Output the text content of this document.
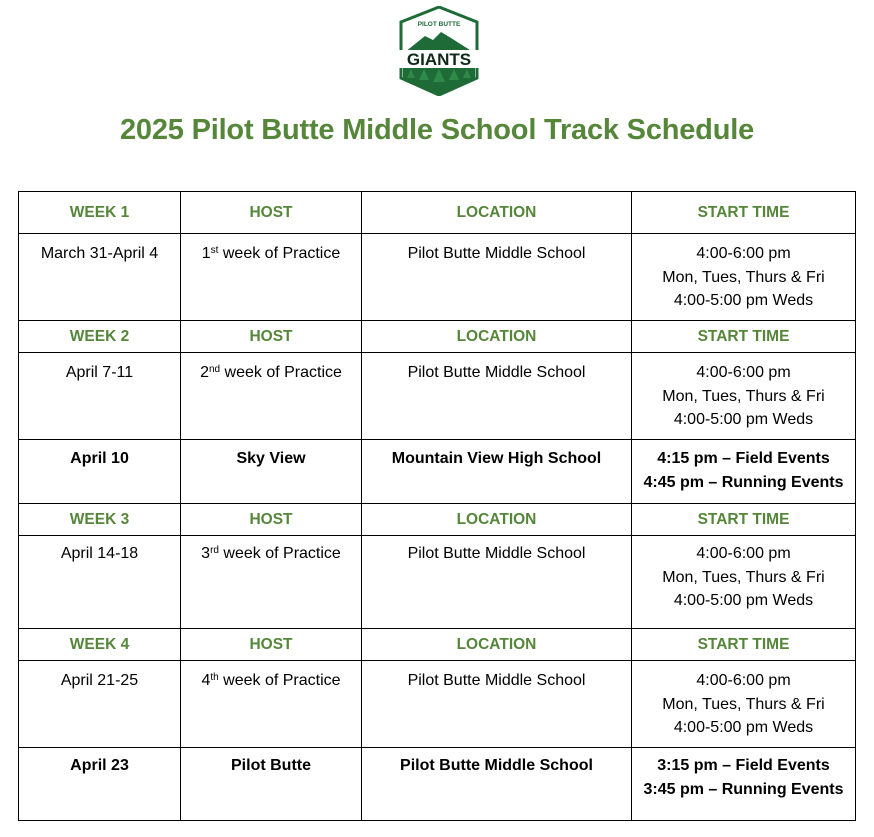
PILOT BUTTE
GIANTS
2025 Pilot Butte Middle School Track Schedule
WEEK 1	HOST	LOCATION	START TIME
March 31-April 4	1st week of Practice	Pilot Butte Middle School	4:00-6:00 pm
Mon, Tues, Thurs & Fri
4:00-5:00 pm Weds

WEEK 2	HOST	LOCATION	START TIME
April 7-11	2nd week of Practice	Pilot Butte Middle School	4:00-6:00 pm
Mon, Tues, Thurs & Fri
4:00-5:00 pm Weds

April 10	Sky View	Mountain View High School	4:15 pm – Field Events
4:45 pm – Running Events

WEEK 3	HOST	LOCATION	START TIME
April 14-18	3rd week of Practice	Pilot Butte Middle School	4:00-6:00 pm
Mon, Tues, Thurs & Fri
4:00-5:00 pm Weds

WEEK 4	HOST	LOCATION	START TIME
April 21-25	4th week of Practice	Pilot Butte Middle School	4:00-6:00 pm
Mon, Tues, Thurs & Fri
4:00-5:00 pm Weds

April 23	Pilot Butte	Pilot Butte Middle School	3:15 pm – Field Events
3:45 pm – Running Events
